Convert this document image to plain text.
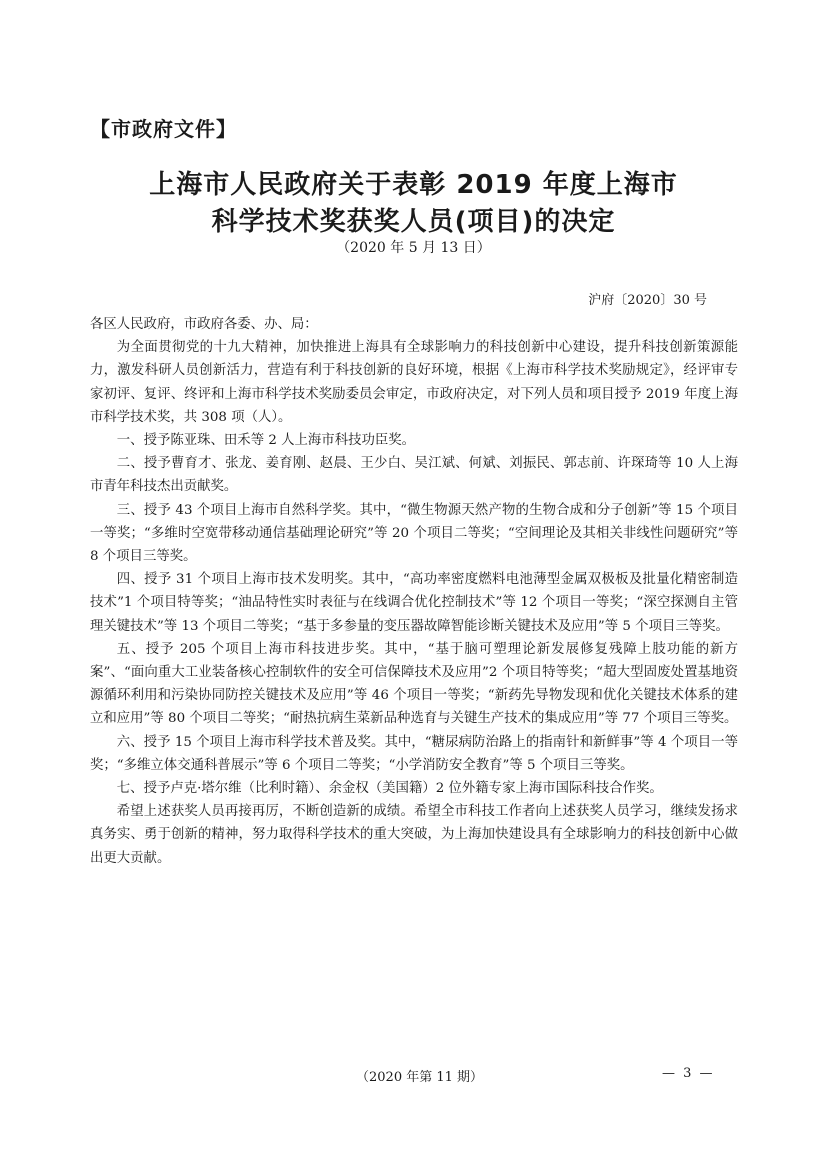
【市政府文件】
上海市人民政府关于表彰 2019 年度上海市
科学技术奖获奖人员(项目)的决定
（2020 年 5 月 13 日）
沪府〔2020〕30 号

各区人民政府，市政府各委、办、局：

为全面贯彻党的十九大精神，加快推进上海具有全球影响力的科技创新中心建设，提升科技创新策源能力，激发科研人员创新活力，营造有利于科技创新的良好环境，根据《上海市科学技术奖励规定》，经评审专家初评、复评、终评和上海市科学技术奖励委员会审定，市政府决定，对下列人员和项目授予 2019 年度上海市科学技术奖，共 308 项（人）。

一、授予陈亚珠、田禾等 2 人上海市科技功臣奖。

二、授予曹育才、张龙、姜育刚、赵晨、王少白、吴江斌、何斌、刘振民、郭志前、许琛琦等 10 人上海市青年科技杰出贡献奖。

三、授予 43 个项目上海市自然科学奖。其中，“微生物源天然产物的生物合成和分子创新”等 15 个项目一等奖；“多维时空宽带移动通信基础理论研究”等 20 个项目二等奖；“空间理论及其相关非线性问题研究”等 8 个项目三等奖。

四、授予 31 个项目上海市技术发明奖。其中，“高功率密度燃料电池薄型金属双极板及批量化精密制造技术”1 个项目特等奖；“油品特性实时表征与在线调合优化控制技术”等 12 个项目一等奖；“深空探测自主管理关键技术”等 13 个项目二等奖；“基于多参量的变压器故障智能诊断关键技术及应用”等 5 个项目三等奖。

五、授予 205 个项目上海市科技进步奖。其中，“基于脑可塑理论新发展修复残障上肢功能的新方案”、“面向重大工业装备核心控制软件的安全可信保障技术及应用”2 个项目特等奖；“超大型固废处置基地资源循环利用和污染协同防控关键技术及应用”等 46 个项目一等奖；“新药先导物发现和优化关键技术体系的建立和应用”等 80 个项目二等奖；“耐热抗病生菜新品种选育与关键生产技术的集成应用”等 77 个项目三等奖。

六、授予 15 个项目上海市科学技术普及奖。其中，“糖尿病防治路上的指南针和新鲜事”等 4 个项目一等奖；“多维立体交通科普展示”等 6 个项目二等奖；“小学消防安全教育”等 5 个项目三等奖。

七、授予卢克·塔尔维（比利时籍）、余金权（美国籍）2 位外籍专家上海市国际科技合作奖。

希望上述获奖人员再接再厉，不断创造新的成绩。希望全市科技工作者向上述获奖人员学习，继续发扬求真务实、勇于创新的精神，努力取得科学技术的重大突破，为上海加快建设具有全球影响力的科技创新中心做出更大贡献。

（2020 年第 11 期）	— 3 —
